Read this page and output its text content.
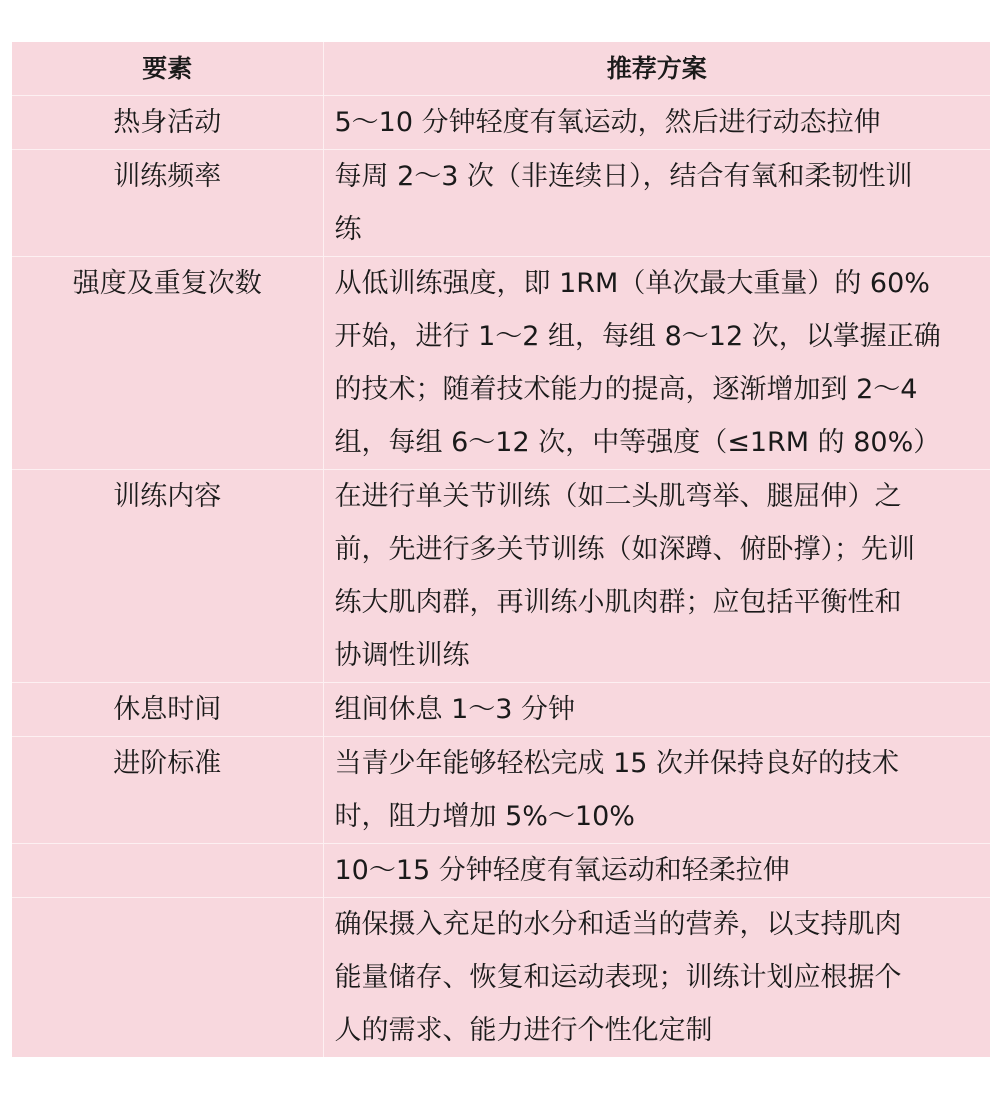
要素	推荐方案
热身活动	5～10 分钟轻度有氧运动，然后进行动态拉伸

训练频率	每周 2～3 次（非连续日），结合有氧和柔韧性训
练

强度及重复次数	从低训练强度，即 1RM（单次最大重量）的 60%
开始，进行 1～2 组，每组 8～12 次，以掌握正确
的技术；随着技术能力的提高，逐渐增加到 2～4
组，每组 6～12 次，中等强度（≤1RM 的 80%）

训练内容	在进行单关节训练（如二头肌弯举、腿屈伸）之
前，先进行多关节训练（如深蹲、俯卧撑）；先训
练大肌肉群，再训练小肌肉群；应包括平衡性和
协调性训练

休息时间	组间休息 1～3 分钟

进阶标准	当青少年能够轻松完成 15 次并保持良好的技术
时，阻力增加 5%～10%

	10～15 分钟轻度有氧运动和轻柔拉伸

	确保摄入充足的水分和适当的营养，以支持肌肉
能量储存、恢复和运动表现；训练计划应根据个
人的需求、能力进行个性化定制
